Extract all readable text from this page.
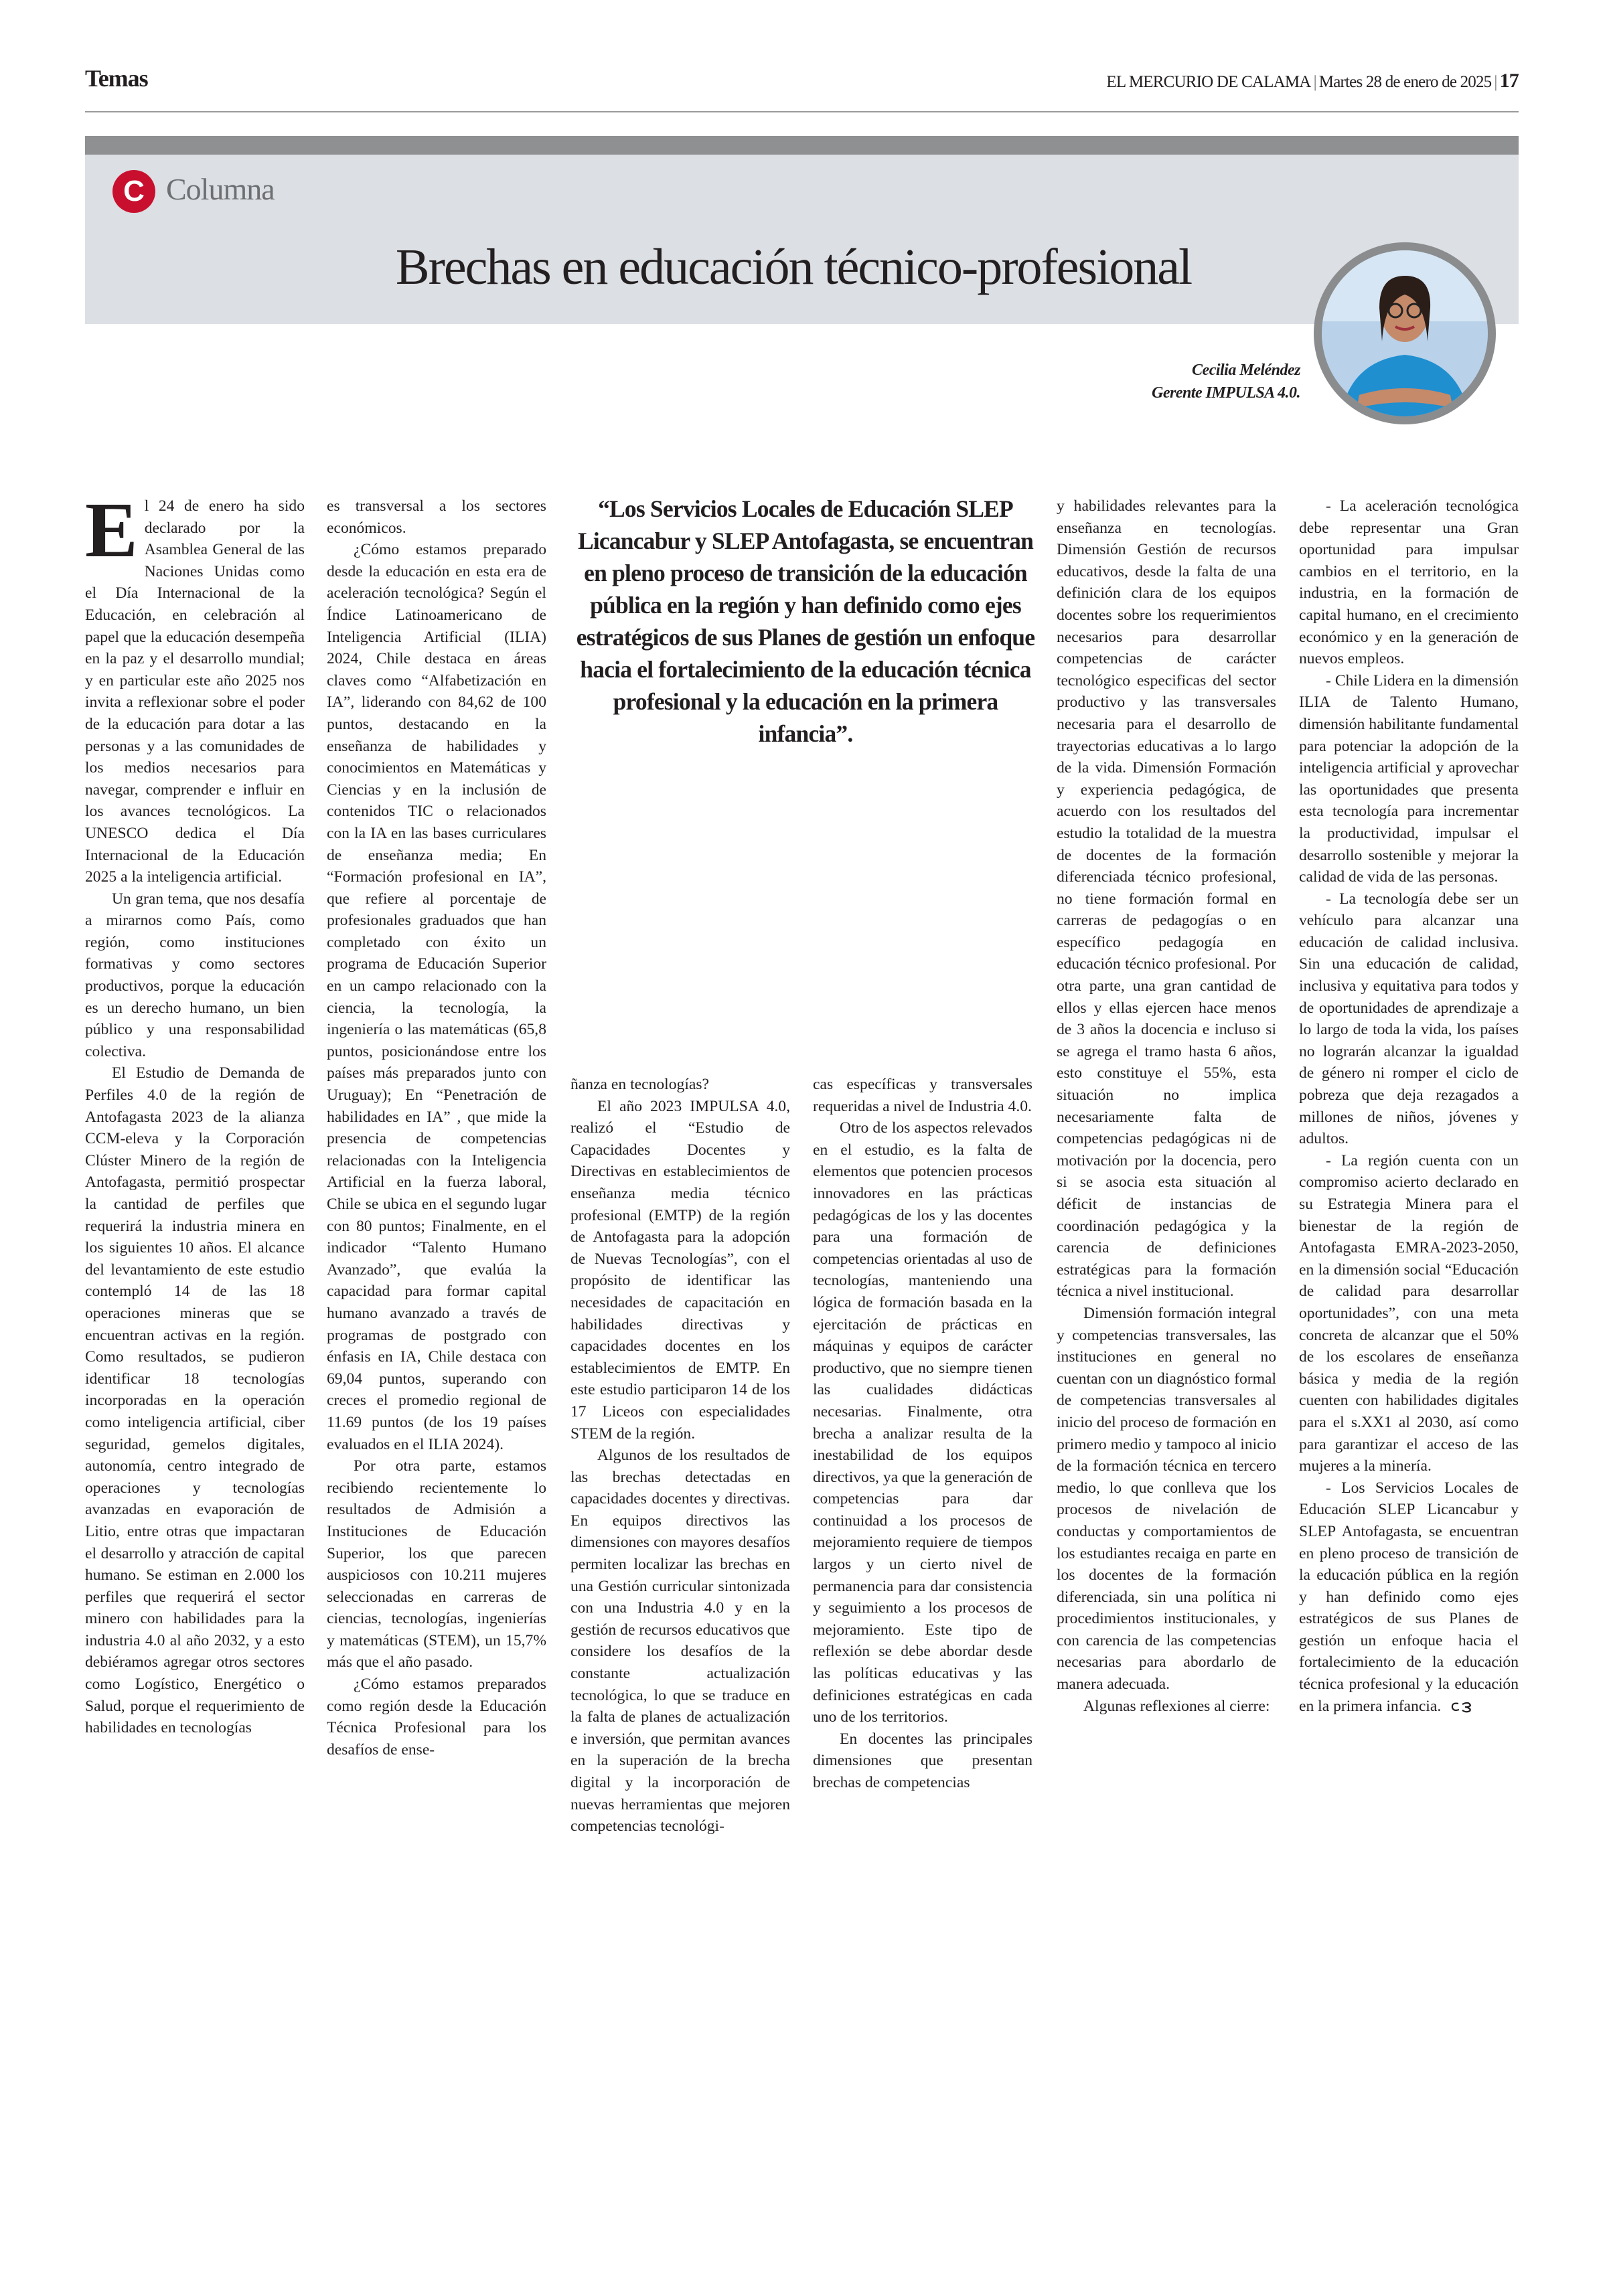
Temas	EL MERCURIO DE CALAMA | Martes 28 de enero de 2025 | 17
C Columna
Brechas en educación técnico-profesional
Cecilia Meléndez
Gerente IMPULSA 4.0.
“Los Servicios Locales de Educación SLEP Licancabur y SLEP Antofagasta, se encuentran en pleno proceso de transición de la educación pública en la región y han definido como ejes estratégicos de sus Planes de gestión un enfoque hacia el fortalecimiento de la educación técnica profesional y la educación en la primera infancia”.

El 24 de enero ha sido declarado por la Asamblea General de las Naciones Unidas como el Día Internacional de la Educación, en celebración al papel que la educación desempeña en la paz y el desarrollo mundial; y en particular este año 2025 nos invita a reflexionar sobre el poder de la educación para dotar a las personas y a las comunidades de los medios necesarios para navegar, comprender e influir en los avances tecnológicos. La UNESCO dedica el Día Internacional de la Educación 2025 a la inteligencia artificial.

Un gran tema, que nos desafía a mirarnos como País, como región, como instituciones formativas y como sectores productivos, porque la educación es un derecho humano, un bien público y una responsabilidad colectiva.

El Estudio de Demanda de Perfiles 4.0 de la región de Antofagasta 2023 de la alianza CCM-eleva y la Corporación Clúster Minero de la región de Antofagasta, permitió prospectar la cantidad de perfiles que requerirá la industria minera en los siguientes 10 años. El alcance del levantamiento de este estudio contempló 14 de las 18 operaciones mineras que se encuentran activas en la región. Como resultados, se pudieron identificar 18 tecnologías incorporadas en la operación como inteligencia artificial, ciber seguridad, gemelos digitales, autonomía, centro integrado de operaciones y tecnologías avanzadas en evaporación de Litio, entre otras que impactaran el desarrollo y atracción de capital humano. Se estiman en 2.000 los perfiles que requerirá el sector minero con habilidades para la industria 4.0 al año 2032, y a esto debiéramos agregar otros sectores como Logístico, Energético o Salud, porque el requerimiento de habilidades en tecnologías

es transversal a los sectores económicos.

¿Cómo estamos preparado desde la educación en esta era de aceleración tecnológica? Según el Índice Latinoamericano de Inteligencia Artificial (ILIA) 2024, Chile destaca en áreas claves como “Alfabetización en IA”, liderando con 84,62 de 100 puntos, destacando en la enseñanza de habilidades y conocimientos en Matemáticas y Ciencias y en la inclusión de contenidos TIC o relacionados con la IA en las bases curriculares de enseñanza media; En “Formación profesional en IA”, que refiere al porcentaje de profesionales graduados que han completado con éxito un programa de Educación Superior en un campo relacionado con la ciencia, la tecnología, la ingeniería o las matemáticas (65,8 puntos, posicionándose entre los países más preparados junto con Uruguay); En “Penetración de habilidades en IA” , que mide la presencia de competencias relacionadas con la Inteligencia Artificial en la fuerza laboral, Chile se ubica en el segundo lugar con 80 puntos; Finalmente, en el indicador “Talento Humano Avanzado”, que evalúa la capacidad para formar capital humano avanzado a través de programas de postgrado con énfasis en IA, Chile destaca con 69,04 puntos, superando con creces el promedio regional de 11.69 puntos (de los 19 países evaluados en el ILIA 2024).

Por otra parte, estamos recibiendo recientemente lo resultados de Admisión a Instituciones de Educación Superior, los que parecen auspiciosos con 10.211 mujeres seleccionadas en carreras de ciencias, tecnologías, ingenierías y matemáticas (STEM), un 15,7% más que el año pasado.

¿Cómo estamos preparados como región desde la Educación Técnica Profesional para los desafíos de ense-

ñanza en tecnologías?

El año 2023 IMPULSA 4.0, realizó el “Estudio de Capacidades Docentes y Directivas en establecimientos de enseñanza media técnico profesional (EMTP) de la región de Antofagasta para la adopción de Nuevas Tecnologías”, con el propósito de identificar las necesidades de capacitación en habilidades directivas y capacidades docentes en los establecimientos de EMTP. En este estudio participaron 14 de los 17 Liceos con especialidades STEM de la región.

Algunos de los resultados de las brechas detectadas en capacidades docentes y directivas. En equipos directivos las dimensiones con mayores desafíos permiten localizar las brechas en una Gestión curricular sintonizada con una Industria 4.0 y en la gestión de recursos educativos que considere los desafíos de la constante actualización tecnológica, lo que se traduce en la falta de planes de actualización e inversión, que permitan avances en la superación de la brecha digital y la incorporación de nuevas herramientas que mejoren competencias tecnológi-

cas específicas y transversales requeridas a nivel de Industria 4.0.

Otro de los aspectos relevados en el estudio, es la falta de elementos que potencien procesos innovadores en las prácticas pedagógicas de los y las docentes para una formación de competencias orientadas al uso de tecnologías, manteniendo una lógica de formación basada en la ejercitación de prácticas en máquinas y equipos de carácter productivo, que no siempre tienen las cualidades didácticas necesarias. Finalmente, otra brecha a analizar resulta de la inestabilidad de los equipos directivos, ya que la generación de competencias para dar continuidad a los procesos de mejoramiento requiere de tiempos largos y un cierto nivel de permanencia para dar consistencia y seguimiento a los procesos de mejoramiento. Este tipo de reflexión se debe abordar desde las políticas educativas y las definiciones estratégicas en cada uno de los territorios.

En docentes las principales dimensiones que presentan brechas de competencias

y habilidades relevantes para la enseñanza en tecnologías. Dimensión Gestión de recursos educativos, desde la falta de una definición clara de los equipos docentes sobre los requerimientos necesarios para desarrollar competencias de carácter tecnológico especificas del sector productivo y las transversales necesaria para el desarrollo de trayectorias educativas a lo largo de la vida. Dimensión Formación y experiencia pedagógica, de acuerdo con los resultados del estudio la totalidad de la muestra de docentes de la formación diferenciada técnico profesional, no tiene formación formal en carreras de pedagogías o en específico pedagogía en educación técnico profesional. Por otra parte, una gran cantidad de ellos y ellas ejercen hace menos de 3 años la docencia e incluso si se agrega el tramo hasta 6 años, esto constituye el 55%, esta situación no implica necesariamente falta de competencias pedagógicas ni de motivación por la docencia, pero si se asocia esta situación al déficit de instancias de coordinación pedagógica y la carencia de definiciones estratégicas para la formación técnica a nivel institucional.

Dimensión formación integral y competencias transversales, las instituciones en general no cuentan con un diagnóstico formal de competencias transversales al inicio del proceso de formación en primero medio y tampoco al inicio de la formación técnica en tercero medio, lo que conlleva que los procesos de nivelación de conductas y comportamientos de los estudiantes recaiga en parte en los docentes de la formación diferenciada, sin una política ni procedimientos institucionales, y con carencia de las competencias necesarias para abordarlo de manera adecuada.

Algunas reflexiones al cierre:

- La aceleración tecnológica debe representar una Gran oportunidad para impulsar cambios en el territorio, en la industria, en la formación de capital humano, en el crecimiento económico y en la generación de nuevos empleos.

- Chile Lidera en la dimensión ILIA de Talento Humano, dimensión habilitante fundamental para potenciar la adopción de la inteligencia artificial y aprovechar las oportunidades que presenta esta tecnología para incrementar la productividad, impulsar el desarrollo sostenible y mejorar la calidad de vida de las personas.

- La tecnología debe ser un vehículo para alcanzar una educación de calidad inclusiva. Sin una educación de calidad, inclusiva y equitativa para todos y de oportunidades de aprendizaje a lo largo de toda la vida, los países no lograrán alcanzar la igualdad de género ni romper el ciclo de pobreza que deja rezagados a millones de niños, jóvenes y adultos.

- La región cuenta con un compromiso acierto declarado en su Estrategia Minera para el bienestar de la región de Antofagasta EMRA-2023-2050, en la dimensión social “Educación de calidad para desarrollar oportunidades”, con una meta concreta de alcanzar que el 50% de los escolares de enseñanza básica y media de la región cuenten con habilidades digitales para el s.XX1 al 2030, así como para garantizar el acceso de las mujeres a la minería.

- Los Servicios Locales de Educación SLEP Licancabur y SLEP Antofagasta, se encuentran en pleno proceso de transición de la educación pública en la región y han definido como ejes estratégicos de sus Planes de gestión un enfoque hacia el fortalecimiento de la educación técnica profesional y la educación en la primera infancia.
